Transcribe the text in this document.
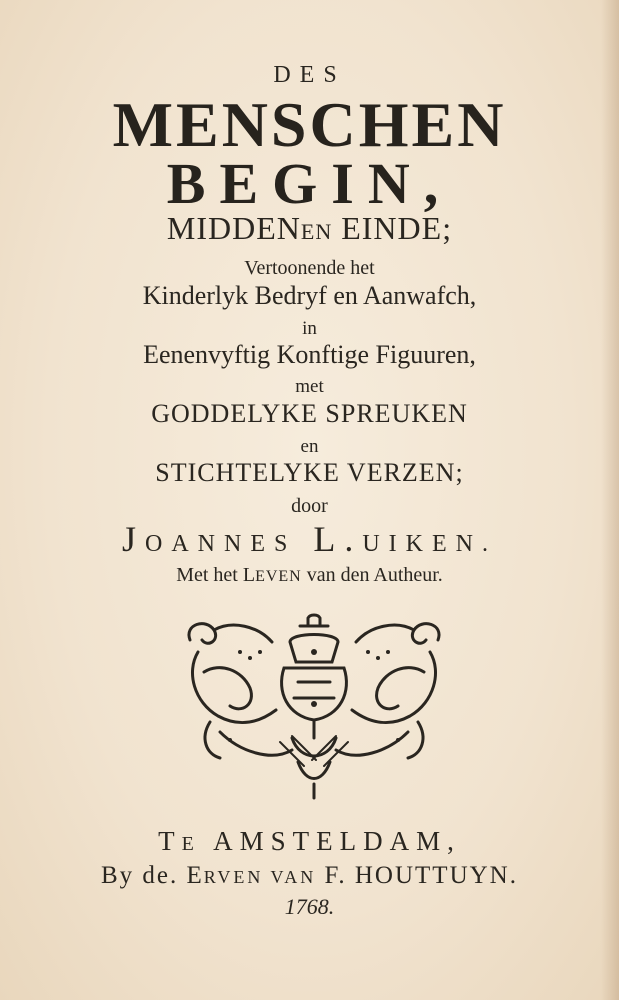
DES
MENSCHEN
BEGIN,
MIDDENEN EINDE;
Vertoonende het
Kinderlyk Bedryf en Aanwafch,
in
Eenenvyftig Konftige Figuuren,
met
GODDELYKE SPREUKEN
en
STICHTELYKE VERZEN;
door
JOANNES L.UIKEN.
Met het LEVEN van den Autheur.
TE AMSTELDAM,
By de. ERVEN VAN F. HOUTTUYN.
1768.
